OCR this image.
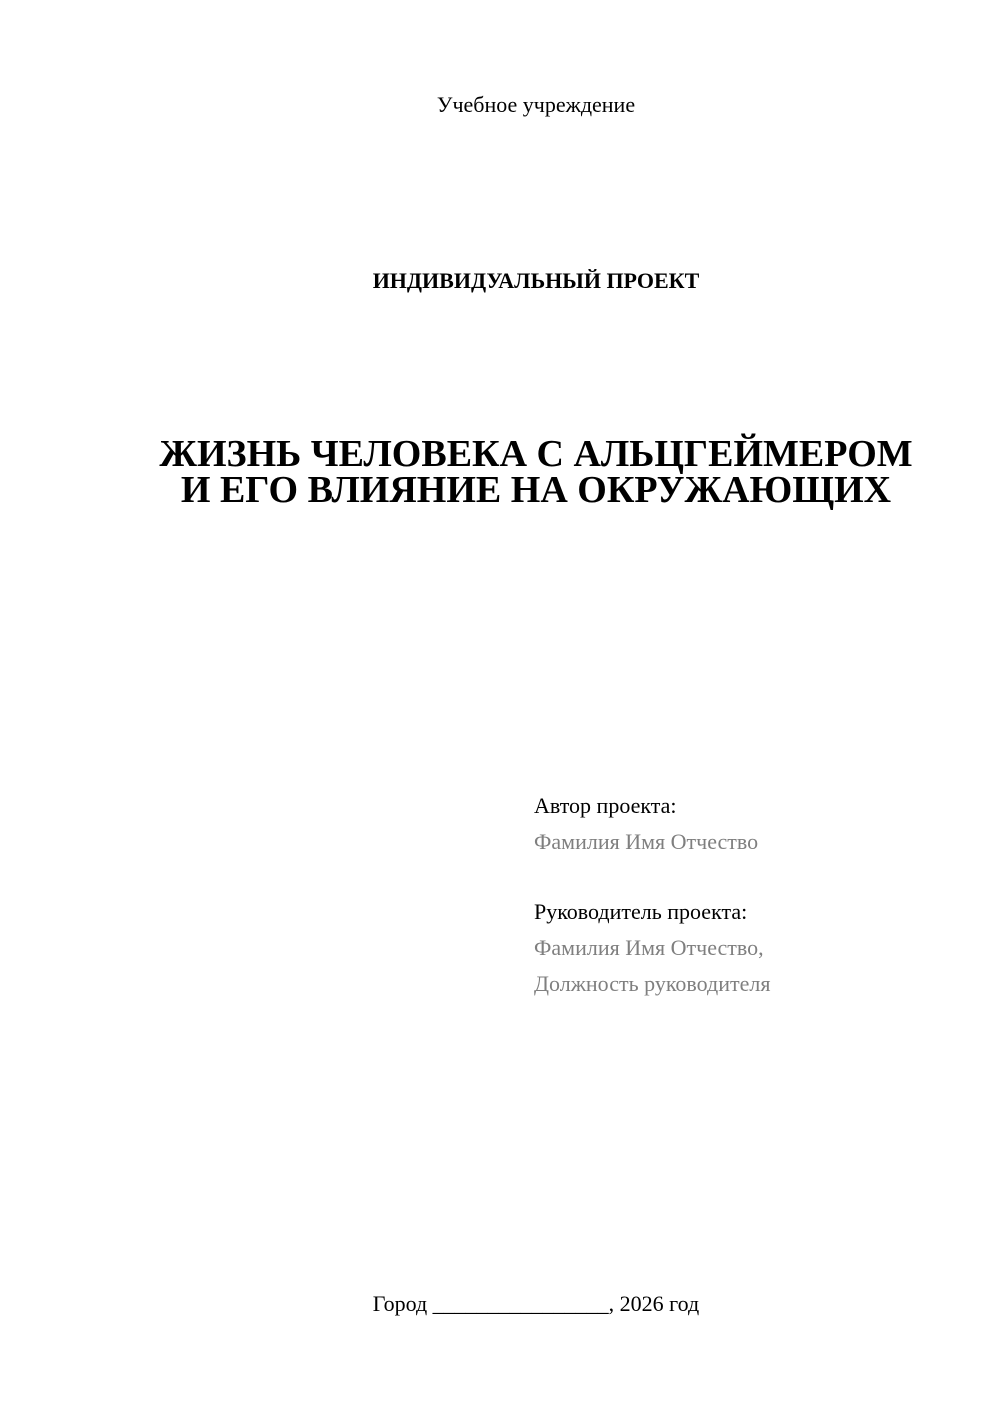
Учебное учреждение
ИНДИВИДУАЛЬНЫЙ ПРОЕКТ
ЖИЗНЬ ЧЕЛОВЕКА С АЛЬЦГЕЙМЕРОМ
И ЕГО ВЛИЯНИЕ НА ОКРУЖАЮЩИХ
Автор проекта:
Фамилия Имя Отчество
Руководитель проекта:
Фамилия Имя Отчество,
Должность руководителя
Город ________________, 2026 год
